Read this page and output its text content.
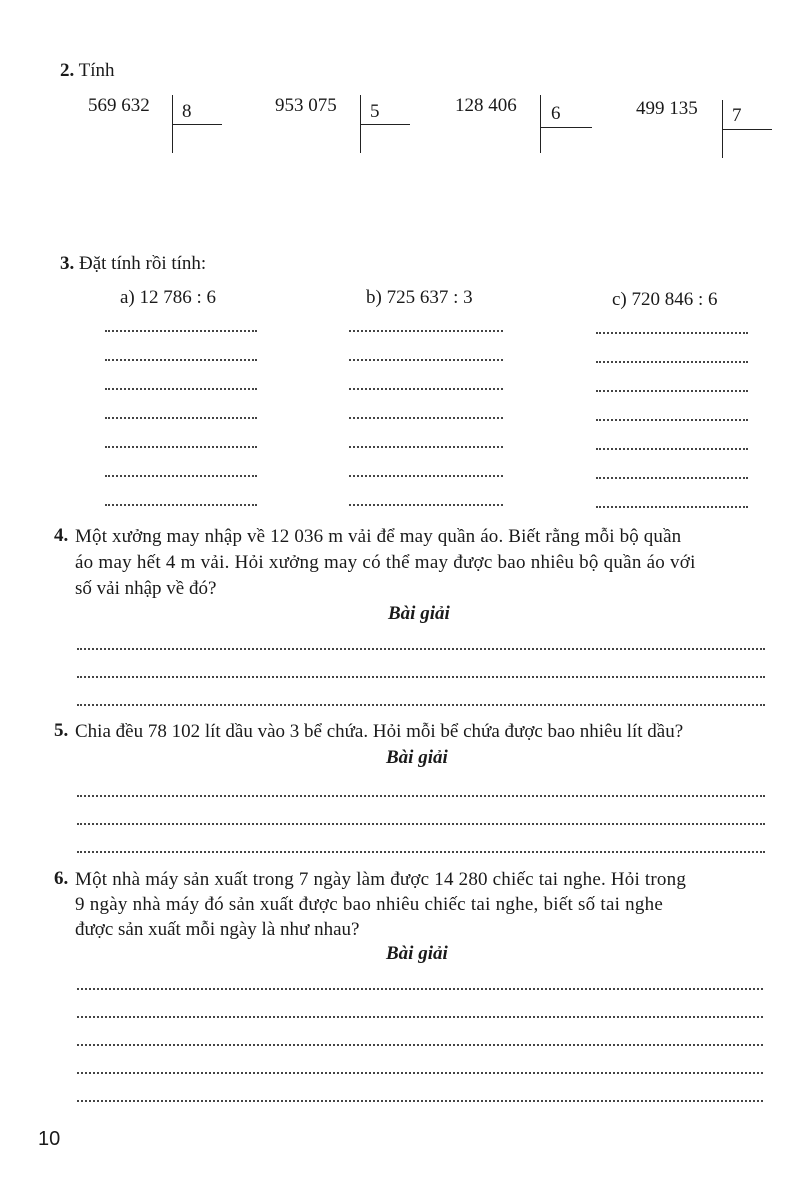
2. Tính
569 632 8	953 075 5	128 406 6	499 135 7
3. Đặt tính rồi tính:
a) 12 786 : 6	b) 725 637 : 3	c) 720 846 : 6
4. Một xưởng may nhập về 12 036 m vải để may quần áo. Biết rằng mỗi bộ quần
áo may hết 4 m vải. Hỏi xưởng may có thể may được bao nhiêu bộ quần áo với
số vải nhập về đó?
Bài giải
5. Chia đều 78 102 lít dầu vào 3 bể chứa. Hỏi mỗi bể chứa được bao nhiêu lít dầu?
Bài giải
6. Một nhà máy sản xuất trong 7 ngày làm được 14 280 chiếc tai nghe. Hỏi trong
9 ngày nhà máy đó sản xuất được bao nhiêu chiếc tai nghe, biết số tai nghe
được sản xuất mỗi ngày là như nhau?
Bài giải
10
